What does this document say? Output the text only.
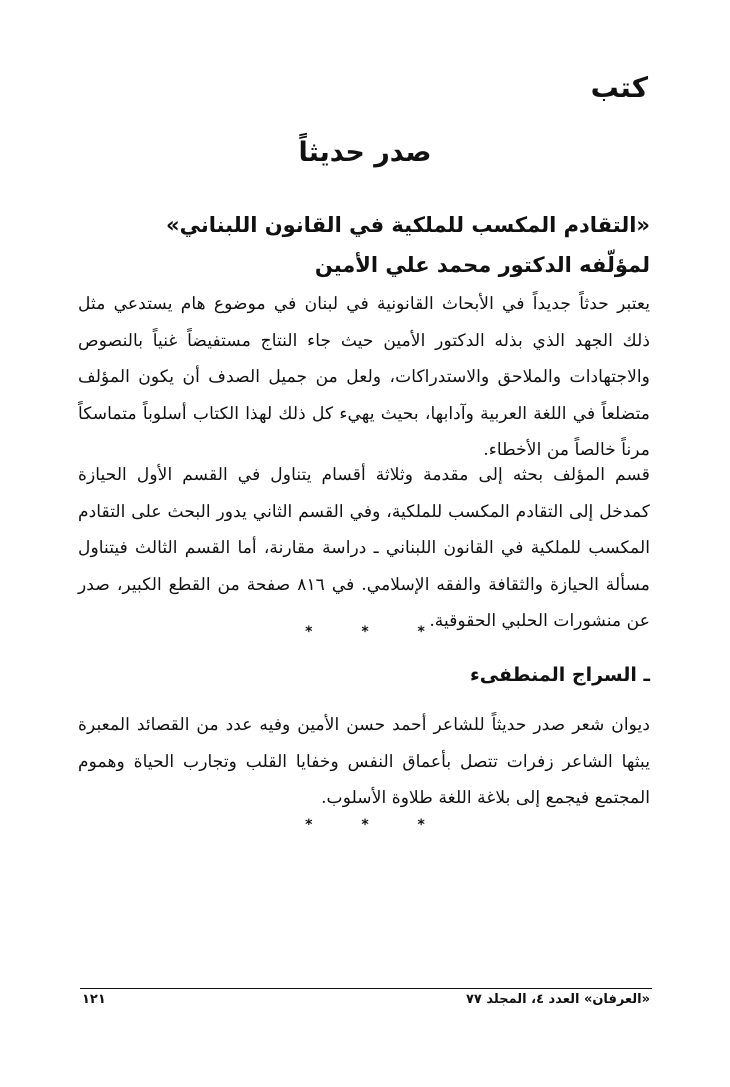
كتب
صدر حديثاً
«التقادم المكسب للملكية في القانون اللبناني»
لمؤلّفه الدكتور محمد علي الأمين

يعتبر حدثاً جديداً في الأبحاث القانونية في لبنان في موضوع هام يستدعي مثل ذلك الجهد الذي بذله الدكتور الأمين حيث جاء النتاج مستفيضاً غنياً بالنصوص والاجتهادات والملاحق والاستدراكات، ولعل من جميل الصدف أن يكون المؤلف متضلعاً في اللغة العربية وآدابها، بحيث يهيء كل ذلك لهذا الكتاب أسلوباً متماسكاً مرناً خالصاً من الأخطاء.

قسم المؤلف بحثه إلى مقدمة وثلاثة أقسام يتناول في القسم الأول الحيازة كمدخل إلى التقادم المكسب للملكية، وفي القسم الثاني يدور البحث على التقادم المكسب للملكية في القانون اللبناني ـ دراسة مقارنة، أما القسم الثالث فيتناول مسألة الحيازة والثقافة والفقه الإسلامي. في ٨١٦ صفحة من القطع الكبير، صدر عن منشورات الحلبي الحقوقية.

* * *
ـ السراج المنطفىء

ديوان شعر صدر حديثاً للشاعر أحمد حسن الأمين وفيه عدد من القصائد المعبرة يبثها الشاعر زفرات تتصل بأعماق النفس وخفايا القلب وتجارب الحياة وهموم المجتمع فيجمع إلى بلاغة اللغة طلاوة الأسلوب.

* * *
«العرفان» العدد ٤، المجلد ٧٧
١٢١
